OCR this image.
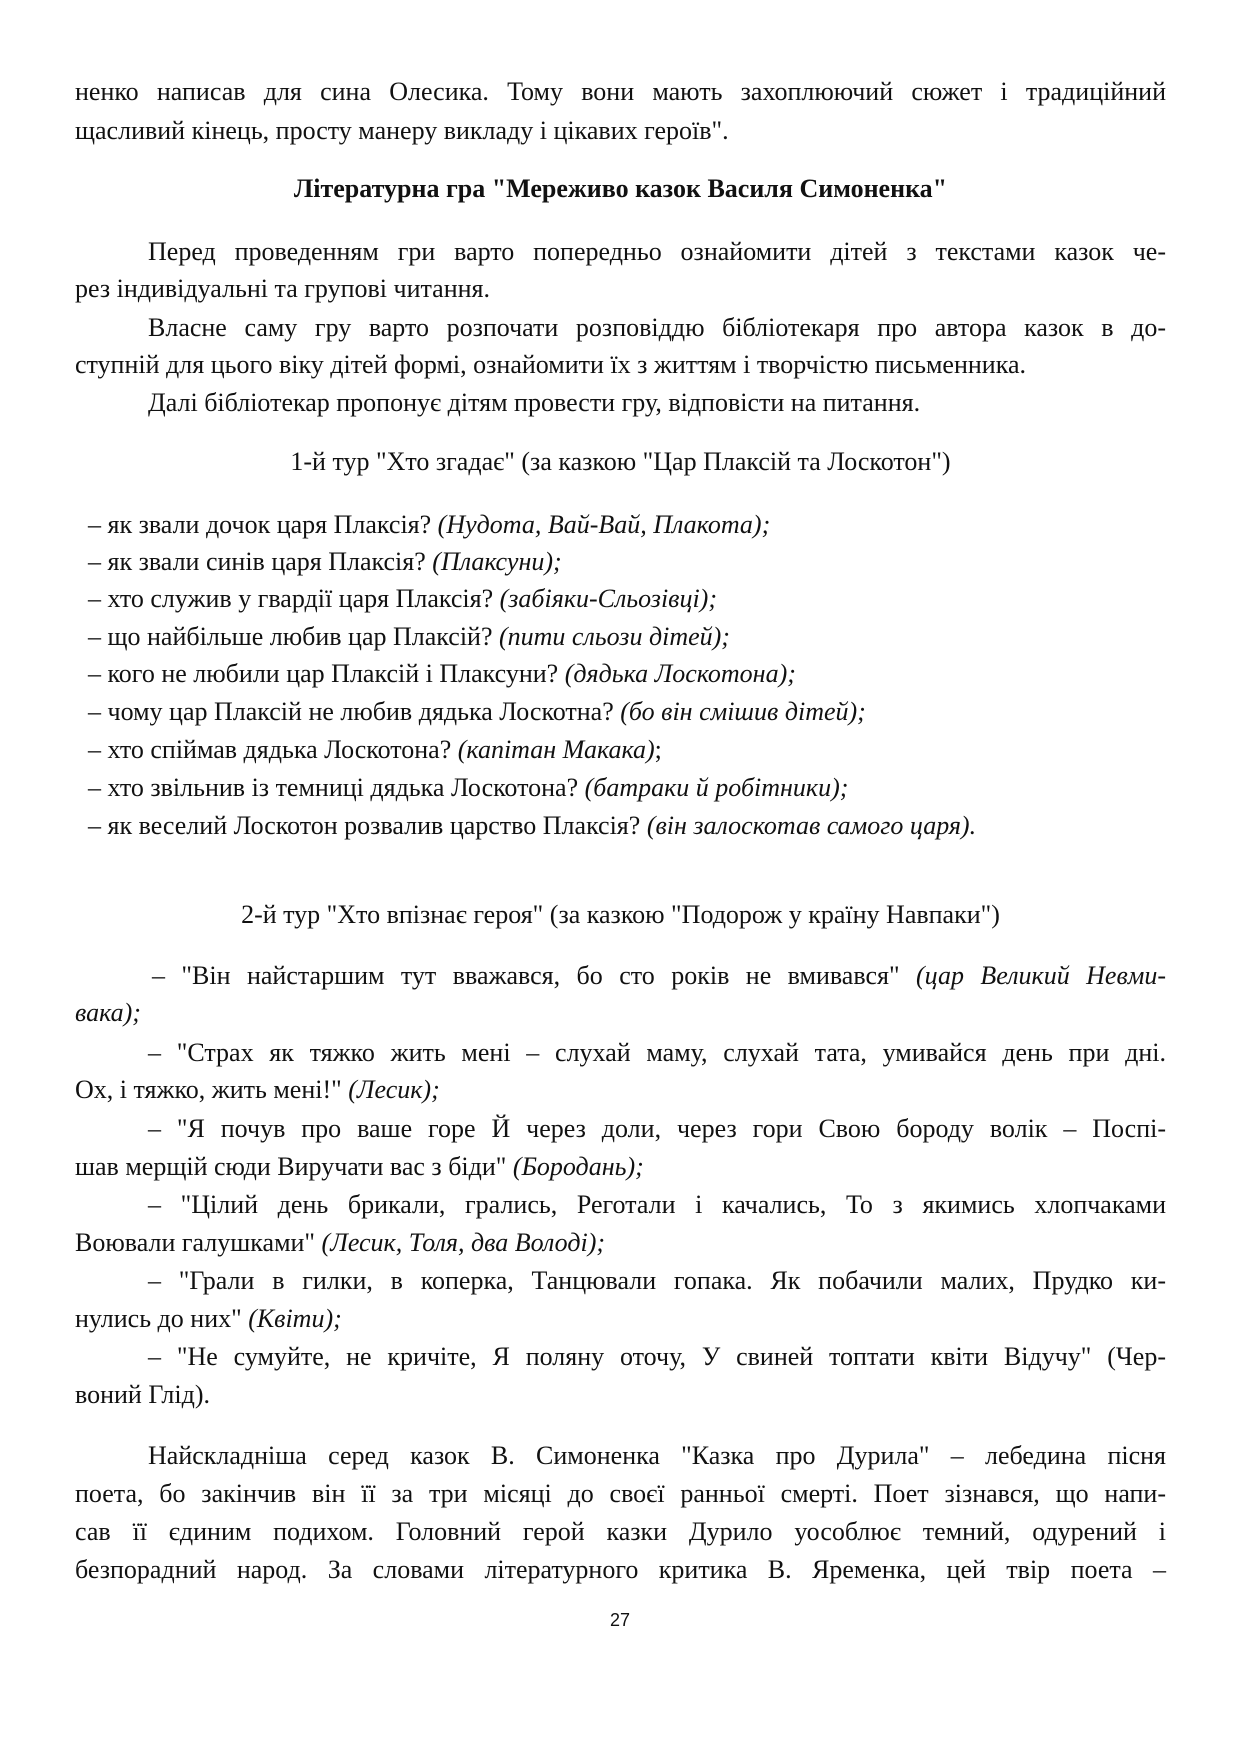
ненко написав для сина Олесика. Тому вони мають захоплюючий сюжет і традиційний
щасливий кінець, просту манеру викладу і цікавих героїв".
Літературна гра "Мереживо казок Василя Симоненка"
Перед проведенням гри варто попередньо ознайомити дітей з текстами казок че-
рез індивідуальні та групові читання.
Власне саму гру варто розпочати розповіддю бібліотекаря про автора казок в до-
ступній для цього віку дітей формі, ознайомити їх з життям і творчістю письменника.
Далі бібліотекар пропонує дітям провести гру, відповісти на питання.
1-й тур "Хто згадає" (за казкою "Цар Плаксій та Лоскотон")
– як звали дочок царя Плаксія? (Нудота, Вай-Вай, Плакота);
– як звали синів царя Плаксія? (Плаксуни);
– хто служив у гвардії царя Плаксія? (забіяки-Сльозівці);
– що найбільше любив цар Плаксій? (пити сльози дітей);
– кого не любили цар Плаксій і Плаксуни? (дядька Лоскотона);
– чому цар Плаксій не любив дядька Лоскотна? (бо він смішив дітей);
– хто спіймав дядька Лоскотона? (капітан Макака);
– хто звільнив із темниці дядька Лоскотона? (батраки й робітники);
– як веселий Лоскотон розвалив царство Плаксія? (він залоскотав самого царя).
2-й тур "Хто впізнає героя" (за казкою "Подорож у країну Навпаки")
– "Він найстаршим тут вважався, бо сто років не вмивався" (цар Великий Невми-
вака);
– "Страх як тяжко жить мені – слухай маму, слухай тата, умивайся день при дні.
Ох, і тяжко, жить мені!" (Лесик);
– "Я почув про ваше горе Й через доли, через гори Свою бороду волік – Поспі-
шав мерщій сюди Виручати вас з біди" (Бородань);
– "Цілий день брикали, грались, Реготали і качались, То з якимись хлопчаками
Воювали галушками" (Лесик, Толя, два Володі);
– "Грали в гилки, в коперка, Танцювали гопака. Як побачили малих, Прудко ки-
нулись до них" (Квіти);
– "Не сумуйте, не кричіте, Я поляну оточу, У свиней топтати квіти Відучу" (Чер-
воний Глід).
Найскладніша серед казок В. Симоненка "Казка про Дурила" – лебедина пісня
поета, бо закінчив він її за три місяці до своєї ранньої смерті. Поет зізнався, що напи-
сав її єдиним подихом. Головний герой казки Дурило уособлює темний, одурений і
безпорадний народ. За словами літературного критика В. Яременка, цей твір поета –
27
